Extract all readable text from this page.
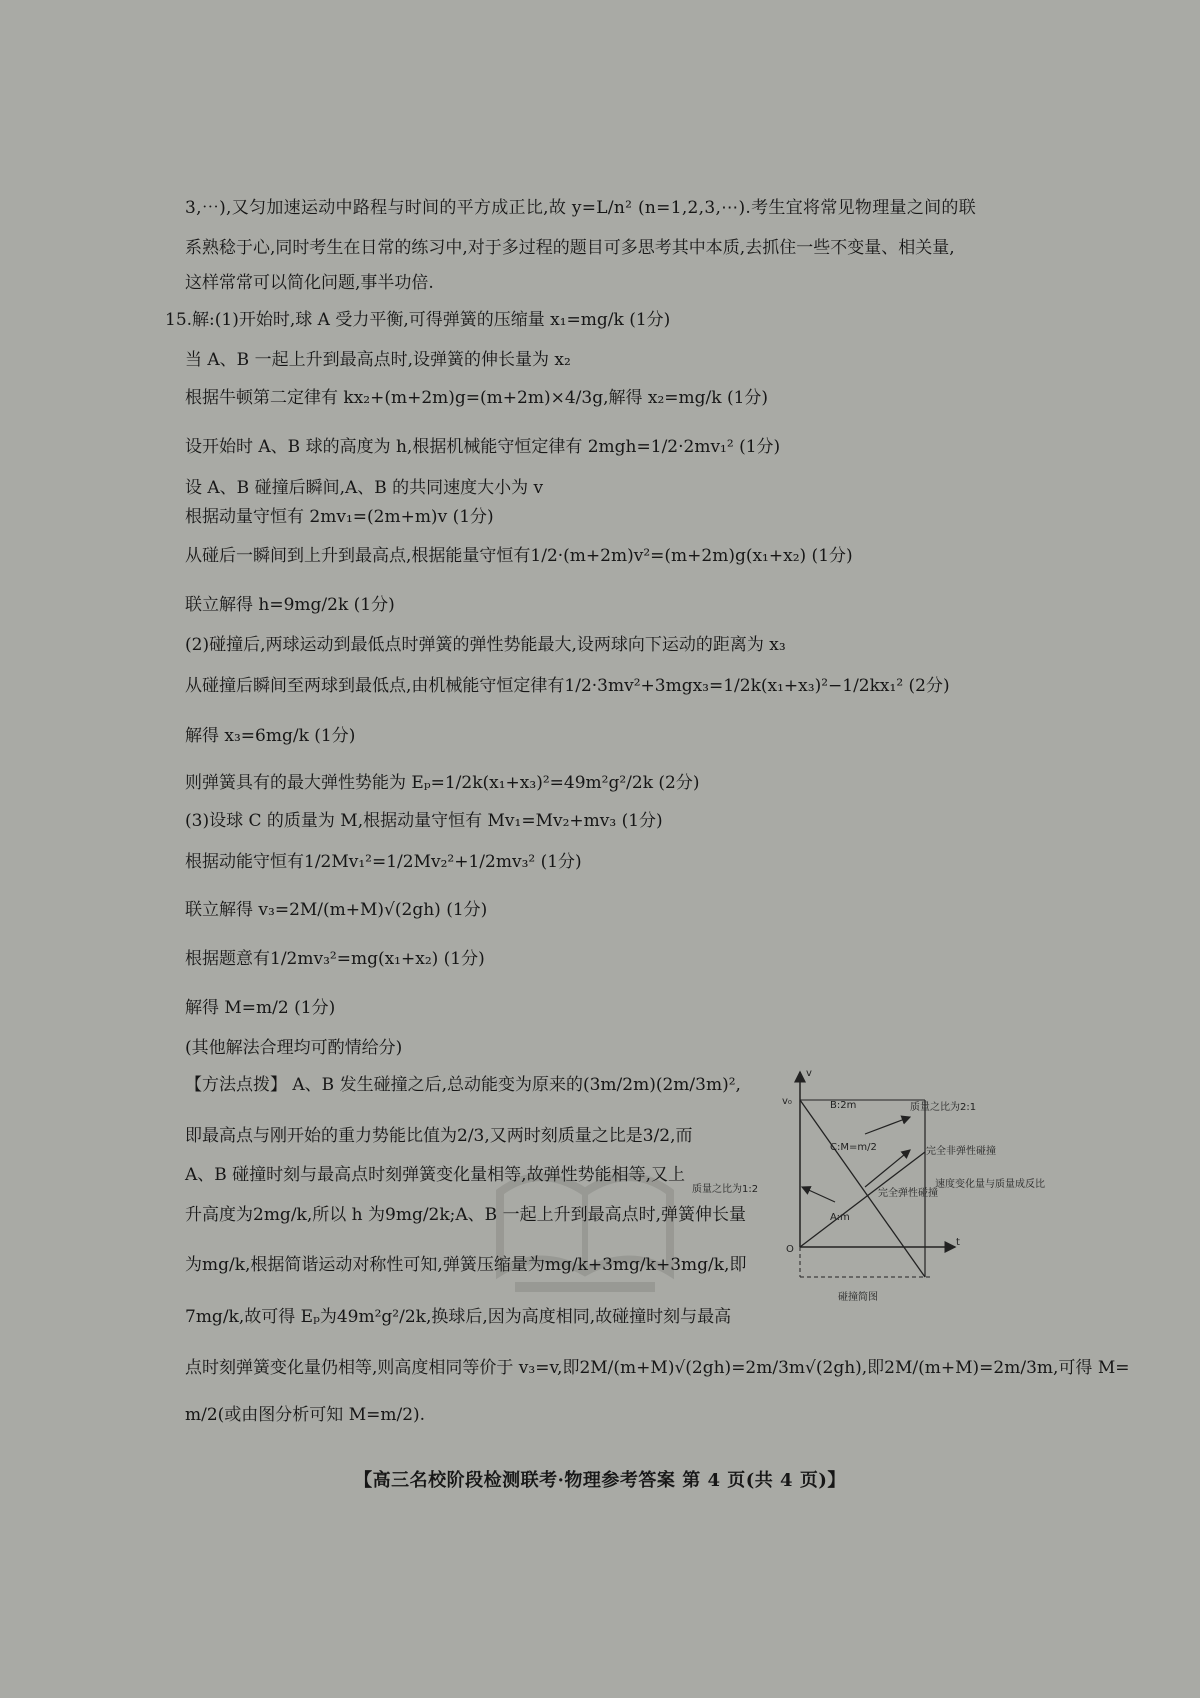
3,⋯),又匀加速运动中路程与时间的平方成正比,故 y=L/n² (n=1,2,3,⋯).考生宜将常见物理量之间的联
系熟稔于心,同时考生在日常的练习中,对于多过程的题目可多思考其中本质,去抓住一些不变量、相关量,
这样常常可以简化问题,事半功倍.
15.解:(1)开始时,球 A 受力平衡,可得弹簧的压缩量 x₁=mg/k (1分)
当 A、B 一起上升到最高点时,设弹簧的伸长量为 x₂
根据牛顿第二定律有 kx₂+(m+2m)g=(m+2m)×4/3g,解得 x₂=mg/k (1分)
设开始时 A、B 球的高度为 h,根据机械能守恒定律有 2mgh=1/2·2mv₁² (1分)
设 A、B 碰撞后瞬间,A、B 的共同速度大小为 v
根据动量守恒有 2mv₁=(2m+m)v (1分)
从碰后一瞬间到上升到最高点,根据能量守恒有1/2·(m+2m)v²=(m+2m)g(x₁+x₂) (1分)
联立解得 h=9mg/2k (1分)
(2)碰撞后,两球运动到最低点时弹簧的弹性势能最大,设两球向下运动的距离为 x₃
从碰撞后瞬间至两球到最低点,由机械能守恒定律有1/2·3mv²+3mgx₃=1/2k(x₁+x₃)²−1/2kx₁² (2分)
解得 x₃=6mg/k (1分)
则弹簧具有的最大弹性势能为 Eₚ=1/2k(x₁+x₃)²=49m²g²/2k (2分)
(3)设球 C 的质量为 M,根据动量守恒有 Mv₁=Mv₂+mv₃ (1分)
根据动能守恒有1/2Mv₁²=1/2Mv₂²+1/2mv₃² (1分)
联立解得 v₃=2M/(m+M)√(2gh) (1分)
根据题意有1/2mv₃²=mg(x₁+x₂) (1分)
解得 M=m/2 (1分)
(其他解法合理均可酌情给分)
【方法点拨】 A、B 发生碰撞之后,总动能变为原来的(3m/2m)(2m/3m)²,
即最高点与刚开始的重力势能比值为2/3,又两时刻质量之比是3/2,而
A、B 碰撞时刻与最高点时刻弹簧变化量相等,故弹性势能相等,又上
升高度为2mg/k,所以 h 为9mg/2k;A、B 一起上升到最高点时,弹簧伸长量
为mg/k,根据简谐运动对称性可知,弹簧压缩量为mg/k+3mg/k+3mg/k,即
7mg/k,故可得 Eₚ为49m²g²/2k,换球后,因为高度相同,故碰撞时刻与最高
点时刻弹簧变化量仍相等,则高度相同等价于 v₃=v,即2M/(m+M)√(2gh)=2m/3m√(2gh),即2M/(m+M)=2m/3m,可得 M=
m/2(或由图分析可知 M=m/2).
v
t
O
v₀	B:2m
C:M=m/2
A:m
质量之比为2:1
完全非弹性碰撞
质量之比为1:2	完全弹性碰撞
速度变化量与质量成反比
碰撞简图
【高三名校阶段检测联考·物理参考答案 第 4 页(共 4 页)】
